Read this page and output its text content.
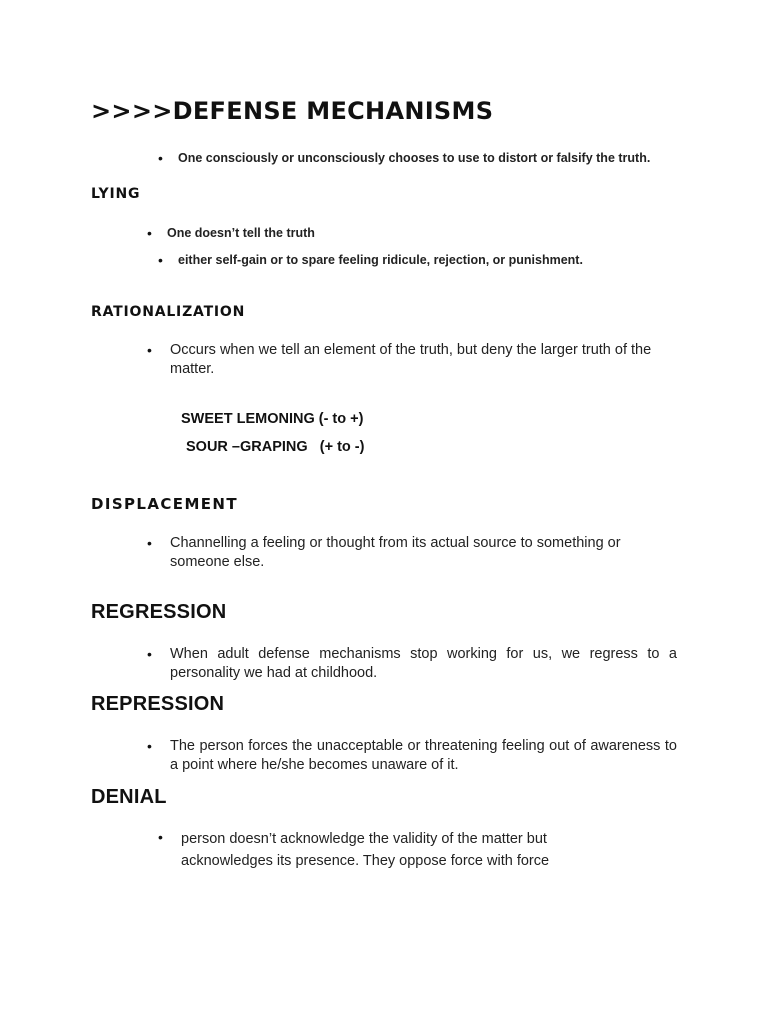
>>>>DEFENSE MECHANISMS
•	One consciously or unconsciously chooses to use to distort or falsify the truth.
LYING
•	One doesn’t tell the truth
•	either self-gain or to spare feeling ridicule, rejection, or punishment.
RATIONALIZATION
•	Occurs when we tell an element of the truth, but deny the larger truth of the matter.
SWEET LEMONING (- to +)
SOUR –GRAPING   (+ to -)
DISPLACEMENT
•	Channelling a feeling or thought from its actual source to something or someone else.
REGRESSION
•	When adult defense mechanisms stop working for us, we regress to a personality we had at childhood.
REPRESSION
•	The person forces the unacceptable or threatening feeling out of awareness to a point where he/she becomes unaware of it.
DENIAL
•	person doesn’t acknowledge the validity of the matter but acknowledges its presence. They oppose force with force
